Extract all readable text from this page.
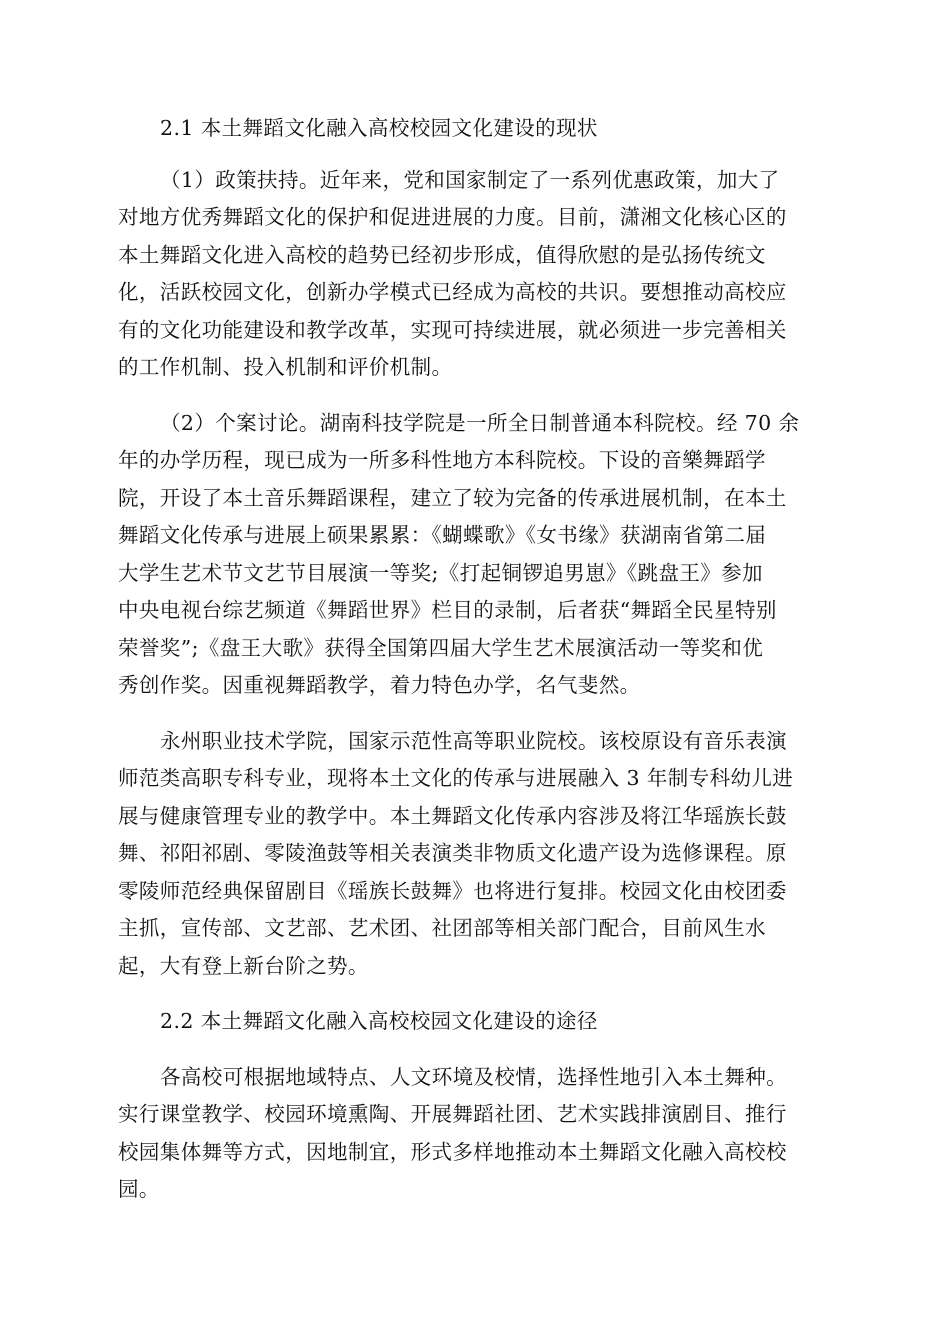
2.1 本土舞蹈文化融入高校校园文化建设的现状
（1）政策扶持。近年来，党和国家制定了一系列优惠政策，加大了
对地方优秀舞蹈文化的保护和促进进展的力度。目前，潇湘文化核心区的
本土舞蹈文化进入高校的趋势已经初步形成，值得欣慰的是弘扬传统文
化，活跃校园文化，创新办学模式已经成为高校的共识。要想推动高校应
有的文化功能建设和教学改革，实现可持续进展，就必须进一步完善相关
的工作机制、投入机制和评价机制。
（2）个案讨论。湖南科技学院是一所全日制普通本科院校。经 70 余
年的办学历程，现已成为一所多科性地方本科院校。下设的音樂舞蹈学
院，开设了本土音乐舞蹈课程，建立了较为完备的传承进展机制，在本土
舞蹈文化传承与进展上硕果累累：《蝴蝶歌》《女书缘》获湖南省第二届
大学生艺术节文艺节目展演一等奖;《打起铜锣追男崽》《跳盘王》参加
中央电视台综艺频道《舞蹈世界》栏目的录制，后者获“舞蹈全民星特别
荣誉奖”;《盘王大歌》获得全国第四届大学生艺术展演活动一等奖和优
秀创作奖。因重视舞蹈教学，着力特色办学，名气斐然。
永州职业技术学院，国家示范性高等职业院校。该校原设有音乐表演
师范类高职专科专业，现将本土文化的传承与进展融入 3 年制专科幼儿进
展与健康管理专业的教学中。本土舞蹈文化传承内容涉及将江华瑶族长鼓
舞、祁阳祁剧、零陵渔鼓等相关表演类非物质文化遗产设为选修课程。原
零陵师范经典保留剧目《瑶族长鼓舞》也将进行复排。校园文化由校团委
主抓，宣传部、文艺部、艺术团、社团部等相关部门配合，目前风生水
起，大有登上新台阶之势。
2.2 本土舞蹈文化融入高校校园文化建设的途径
各高校可根据地域特点、人文环境及校情，选择性地引入本土舞种。
实行课堂教学、校园环境熏陶、开展舞蹈社团、艺术实践排演剧目、推行
校园集体舞等方式，因地制宜，形式多样地推动本土舞蹈文化融入高校校
园。
